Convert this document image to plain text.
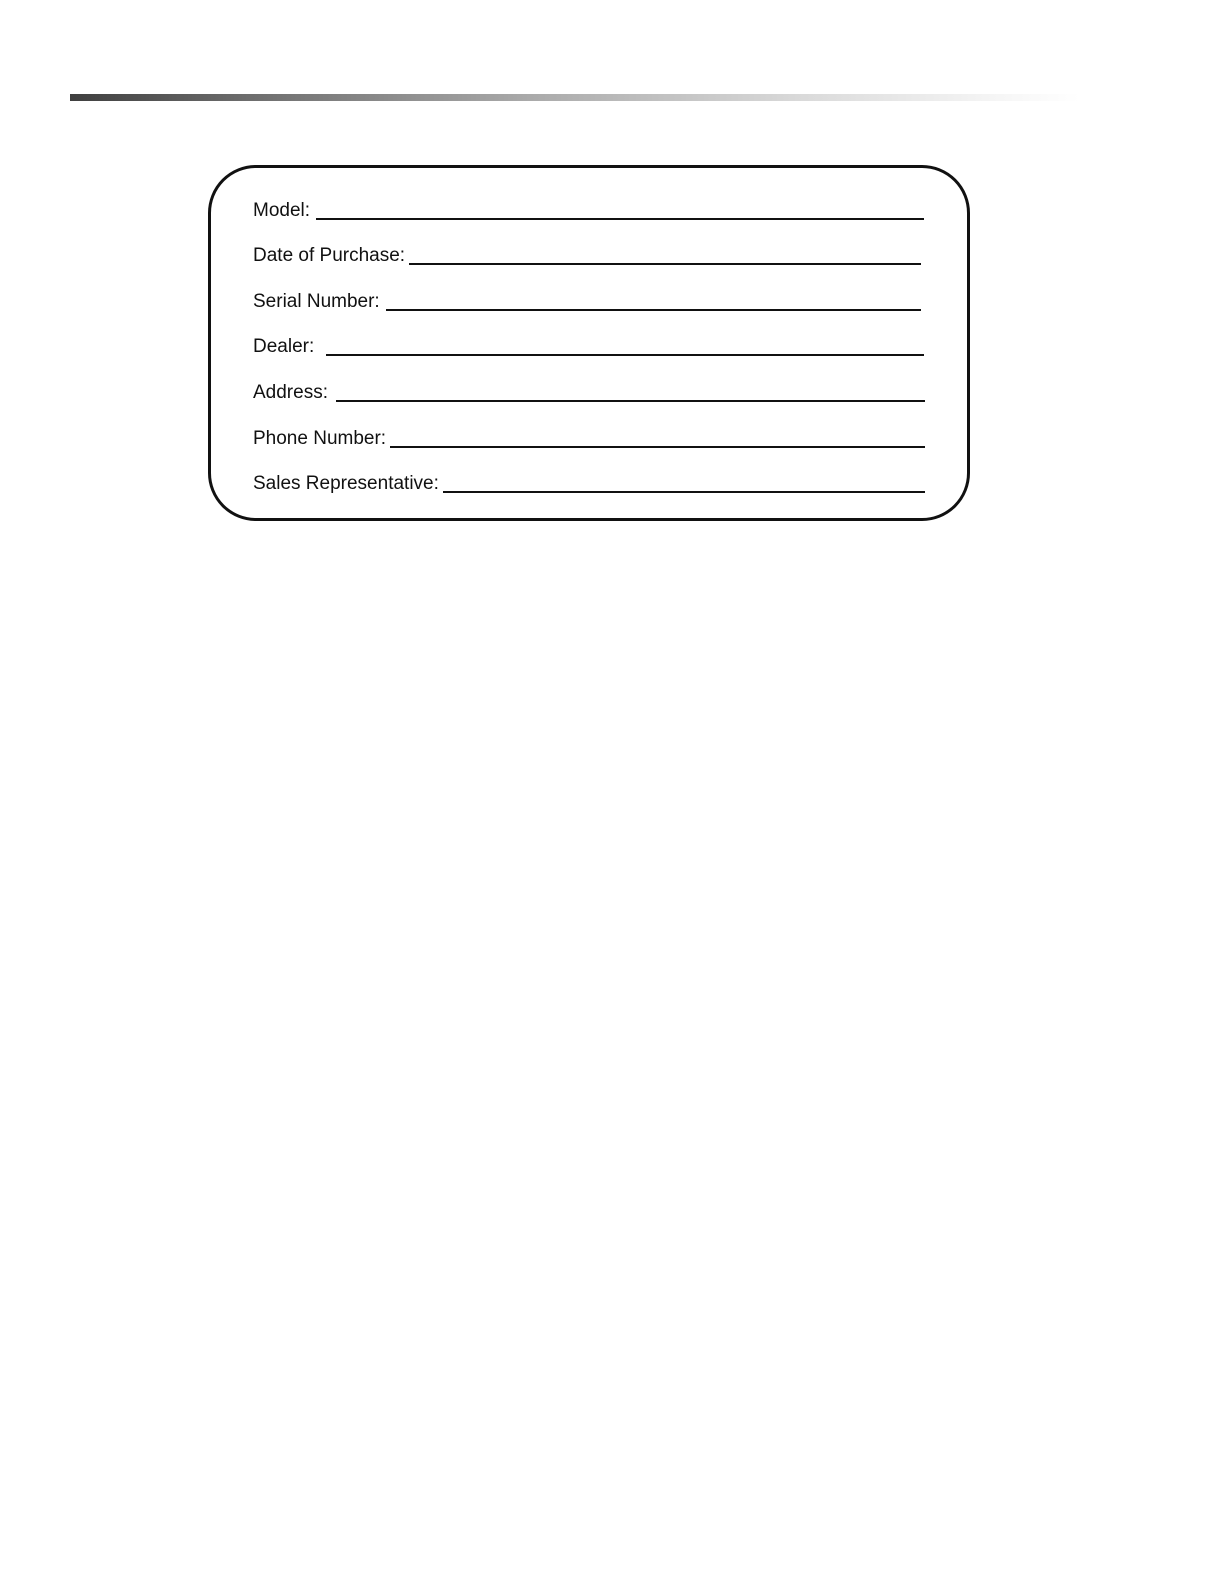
Model:
Date of Purchase:
Serial Number:
Dealer:
Address:
Phone Number:
Sales Representative:
